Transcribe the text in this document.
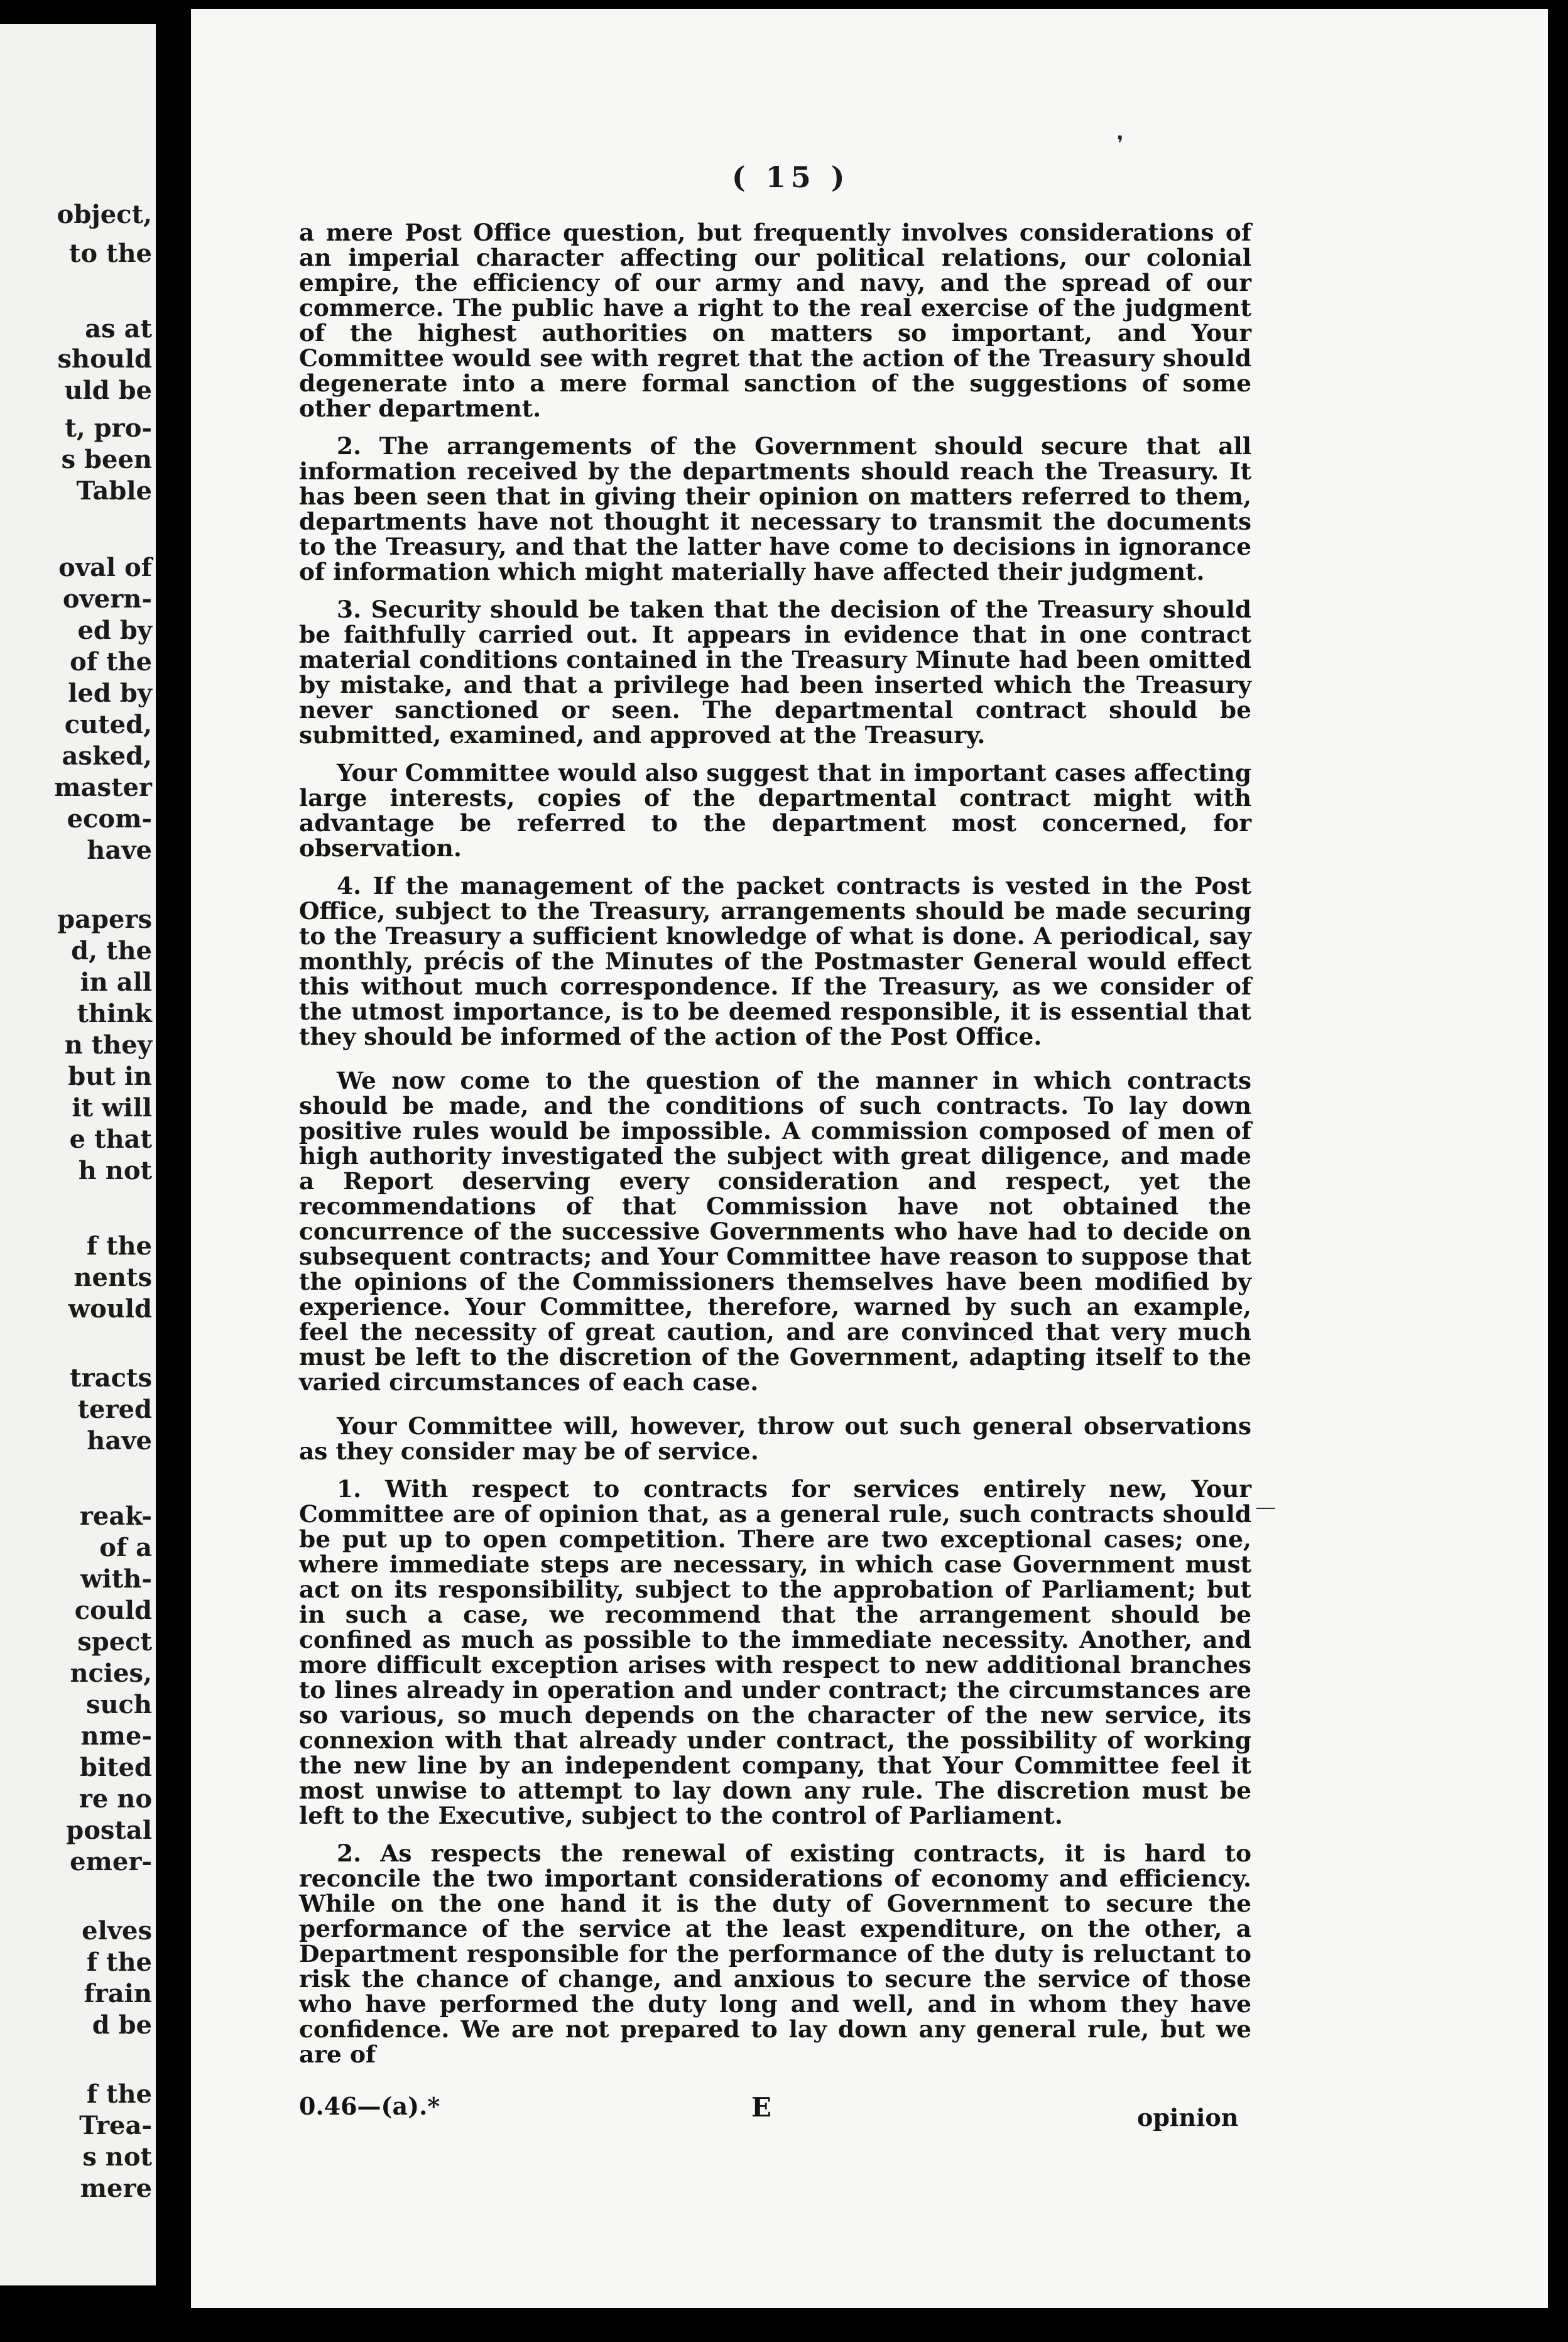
object,
to the
as at
should
uld be
t, pro-
s been
Table
oval of
overn-
ed by
of the
led by
cuted,
asked,
master
ecom-
have
papers
d, the
in all
think
n they
but in
it will
e that
h not
f the
nents
would
tracts
tered
have
reak-
of a
with-
could
spect
ncies,
such
nme-
bited
re no
postal
emer-
elves
f the
frain
d be
f the
Trea-
s not
mere
❜
( 15 )

a mere Post Office question, but frequently involves considerations of an imperial character affecting our political relations, our colonial empire, the efficiency of our army and navy, and the spread of our commerce. The public have a right to the real exercise of the judgment of the highest authorities on matters so important, and Your Committee would see with regret that the action of the Treasury should degenerate into a mere formal sanction of the suggestions of some other department.

2. The arrangements of the Government should secure that all information received by the departments should reach the Treasury. It has been seen that in giving their opinion on matters referred to them, departments have not thought it necessary to transmit the documents to the Treasury, and that the latter have come to decisions in ignorance of information which might materially have affected their judgment.

3. Security should be taken that the decision of the Treasury should be faithfully carried out. It appears in evidence that in one contract material conditions contained in the Treasury Minute had been omitted by mistake, and that a privilege had been inserted which the Treasury never sanctioned or seen. The departmental contract should be submitted, examined, and approved at the Treasury.

Your Committee would also suggest that in important cases affecting large interests, copies of the departmental contract might with advantage be referred to the department most concerned, for observation.

4. If the management of the packet contracts is vested in the Post Office, subject to the Treasury, arrangements should be made securing to the Treasury a sufficient knowledge of what is done. A periodical, say monthly, précis of the Minutes of the Postmaster General would effect this without much correspondence. If the Treasury, as we consider of the utmost importance, is to be deemed responsible, it is essential that they should be informed of the action of the Post Office.

We now come to the question of the manner in which contracts should be made, and the conditions of such contracts. To lay down positive rules would be impossible. A commission composed of men of high authority investigated the subject with great diligence, and made a Report deserving every consideration and respect, yet the recommendations of that Commission have not obtained the concurrence of the successive Governments who have had to decide on subsequent contracts; and Your Committee have reason to suppose that the opinions of the Commissioners themselves have been modified by experience. Your Committee, therefore, warned by such an example, feel the necessity of great caution, and are convinced that very much must be left to the discretion of the Government, adapting itself to the varied circumstances of each case.

Your Committee will, however, throw out such general observations as they consider may be of service.

1. With respect to contracts for services entirely new, Your Committee are of opinion that, as a general rule, such contracts should be put up to open competition. There are two exceptional cases; one, where immediate steps are necessary, in which case Government must act on its responsibility, subject to the approbation of Parliament; but in such a case, we recommend that the arrangement should be confined as much as possible to the immediate necessity. Another, and more difficult exception arises with respect to new additional branches to lines already in operation and under contract; the circumstances are so various, so much depends on the character of the new service, its connexion with that already under contract, the possibility of working the new line by an independent company, that Your Committee feel it most unwise to attempt to lay down any rule. The discretion must be left to the Executive, subject to the control of Parliament.

2. As respects the renewal of existing contracts, it is hard to reconcile the two important considerations of economy and efficiency. While on the one hand it is the duty of Government to secure the performance of the service at the least expenditure, on the other, a Department responsible for the performance of the duty is reluctant to risk the chance of change, and anxious to secure the service of those who have performed the duty long and well, and in whom they have confidence. We are not prepared to lay down any general rule, but we are of

0.46—(a).*	E	opinion
